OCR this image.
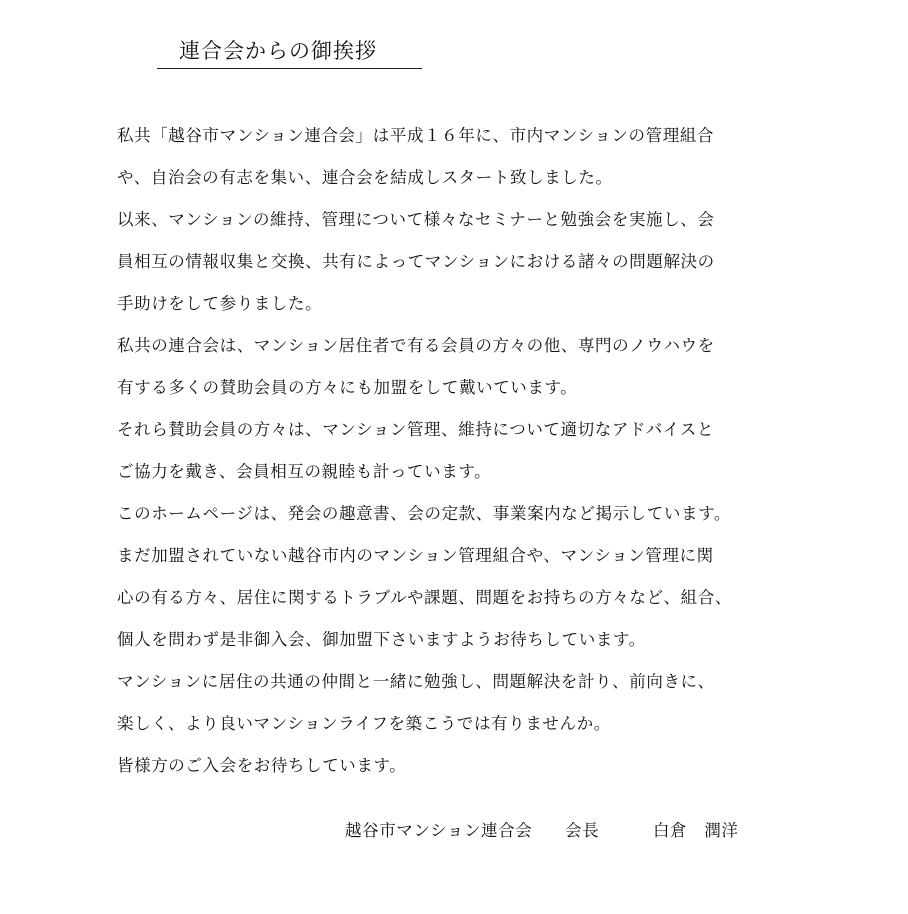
連合会からの御挨拶

私共「越谷市マンション連合会」は平成１６年に、市内マンションの管理組合

や、自治会の有志を集い、連合会を結成しスタート致しました。

以来、マンションの維持、管理について様々なセミナーと勉強会を実施し、会

員相互の情報収集と交換、共有によってマンションにおける諸々の問題解決の

手助けをして参りました。

私共の連合会は、マンション居住者で有る会員の方々の他、専門のノウハウを

有する多くの賛助会員の方々にも加盟をして戴いています。

それら賛助会員の方々は、マンション管理、維持について適切なアドバイスと

ご協力を戴き、会員相互の親睦も計っています。

このホームページは、発会の趣意書、会の定款、事業案内など掲示しています。

まだ加盟されていない越谷市内のマンション管理組合や、マンション管理に関

心の有る方々、居住に関するトラブルや課題、問題をお持ちの方々など、組合、

個人を問わず是非御入会、御加盟下さいますようお待ちしています。

マンションに居住の共通の仲間と一緒に勉強し、問題解決を計り、前向きに、

楽しく、より良いマンションライフを築こうでは有りませんか。

皆様方のご入会をお待ちしています。

越谷市マンション連合会 会長	白倉　潤洋
